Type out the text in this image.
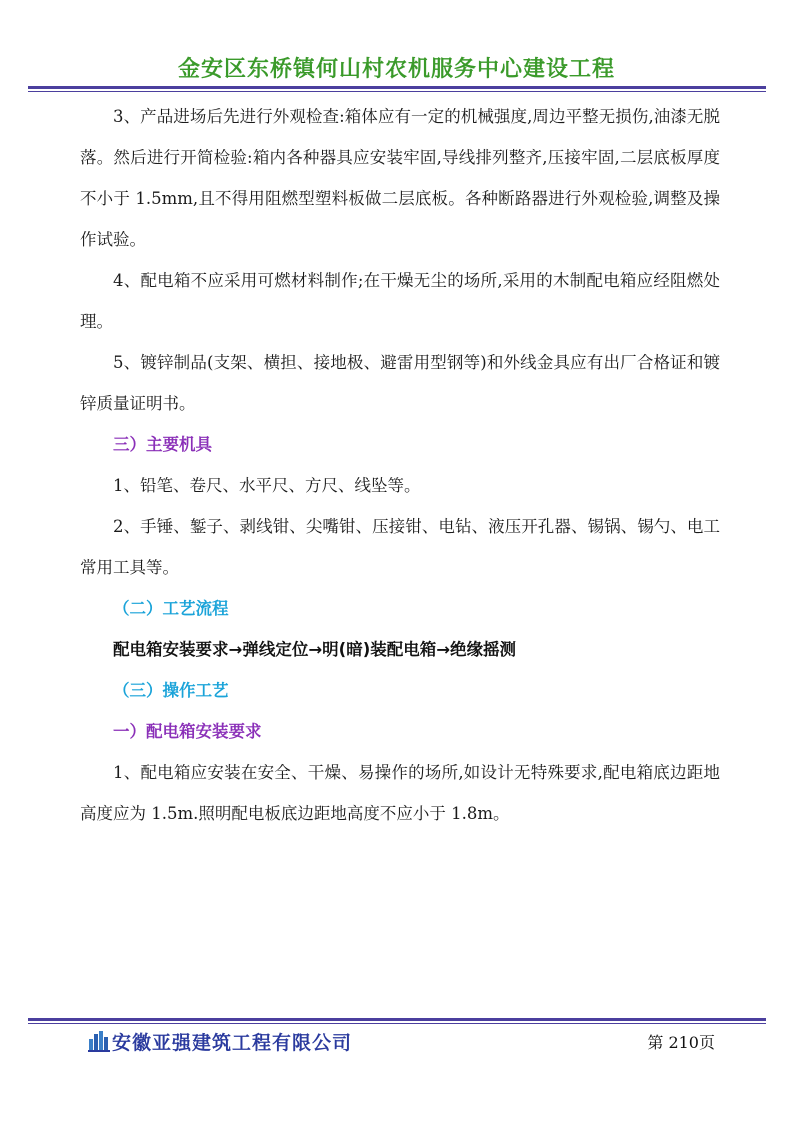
金安区东桥镇何山村农机服务中心建设工程

3、产品进场后先进行外观检查:箱体应有一定的机械强度,周边平整无损伤,油漆无脱落。然后进行开简检验:箱内各种器具应安装牢固,导线排列整齐,压接牢固,二层底板厚度不小于 1.5mm,且不得用阻燃型塑料板做二层底板。各种断路器进行外观检验,调整及操作试验。

4、配电箱不应采用可燃材料制作;在干燥无尘的场所,采用的木制配电箱应经阻燃处理。

5、镀锌制品(支架、横担、接地极、避雷用型钢等)和外线金具应有出厂合格证和镀锌质量证明书。

三）主要机具

1、铅笔、卷尺、水平尺、方尺、线坠等。

2、手锤、錾子、剥线钳、尖嘴钳、压接钳、电钻、液压开孔器、锡锅、锡勺、电工常用工具等。

（二）工艺流程

配电箱安装要求→弹线定位→明(暗)装配电箱→绝缘摇测

（三）操作工艺

一）配电箱安装要求

1、配电箱应安装在安全、干燥、易操作的场所,如设计无特殊要求,配电箱底边距地高度应为 1.5m.照明配电板底边距地高度不应小于 1.8m。

安徽亚强建筑工程有限公司	第 210页
